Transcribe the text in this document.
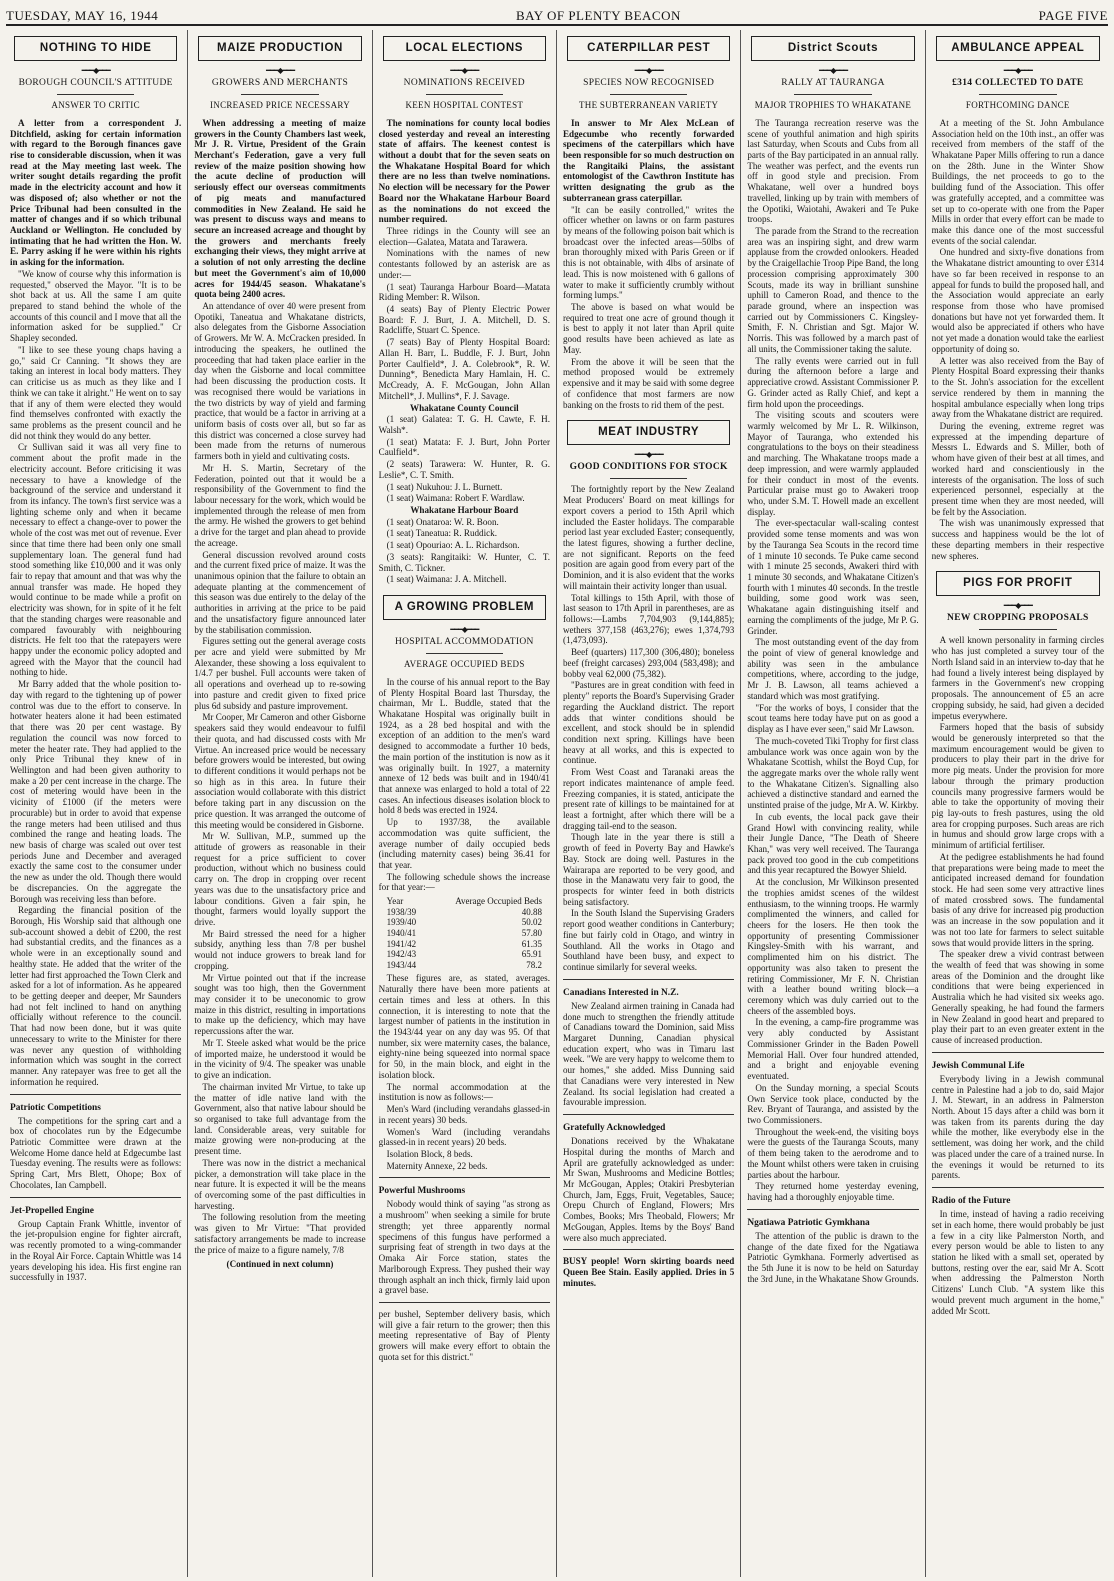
TUESDAY, MAY 16, 1944	BAY OF PLENTY BEACON	PAGE FIVE
NOTHING TO HIDE
━━━◆━━━
BOROUGH COUNCIL'S ATTITUDE
ANSWER TO CRITIC

A letter from a correspondent J. Ditchfield, asking for certain information with regard to the Borough finances gave rise to considerable discussion, when it was read at the May meeting last week. The writer sought details regarding the profit made in the electricity account and how it was disposed of; also whether or not the Price Tribunal had been consulted in the matter of changes and if so which tribunal Auckland or Wellington. He concluded by intimating that he had written the Hon. W. E. Parry asking if he were within his rights in asking for the information.

"We know of course why this information is requested," observed the Mayor. "It is to be shot back at us. All the same I am quite prepared to stand behind the whole of the accounts of this council and I move that all the information asked for be supplied." Cr Shapley seconded.

"I like to see these young chaps having a go," said Cr Canning. "It shows they are taking an interest in local body matters. They can criticise us as much as they like and I think we can take it alright." He went on to say that if any of them were elected they would find themselves confronted with exactly the same problems as the present council and he did not think they would do any better.

Cr Sullivan said it was all very fine to comment about the profit made in the electricity account. Before criticising it was necessary to have a knowledge of the background of the service and understand it from its infancy. The town's first service was a lighting scheme only and when it became necessary to effect a change-over to power the whole of the cost was met out of revenue. Ever since that time there had been only one small supplementary loan. The general fund had stood something like £10,000 and it was only fair to repay that amount and that was why the annual transfer was made. He hoped they would continue to be made while a profit on electricity was shown, for in spite of it he felt that the standing charges were reasonable and compared favourably with neighbouring districts. He felt too that the ratepayers were happy under the economic policy adopted and agreed with the Mayor that the council had nothing to hide.

Mr Barry added that the whole position to-day with regard to the tightening up of power control was due to the effort to conserve. In hotwater heaters alone it had been estimated that there was 20 per cent wastage. By regulation the council was now forced to meter the heater rate. They had applied to the only Price Tribunal they knew of in Wellington and had been given authority to make a 20 per cent increase in the charge. The cost of metering would have been in the vicinity of £1000 (if the meters were procurable) but in order to avoid that expense the range meters had been utilised and thus combined the range and heating loads. The new basis of charge was scaled out over test periods June and December and averaged exactly the same cost to the consumer under the new as under the old. Though there would be discrepancies. On the aggregate the Borough was receiving less than before.

Regarding the financial position of the Borough, His Worship said that although one sub-account showed a debit of £200, the rest had substantial credits, and the finances as a whole were in an exceptionally sound and healthy state. He added that the writer of the letter had first approached the Town Clerk and asked for a lot of information. As he appeared to be getting deeper and deeper, Mr Saunders had not felt inclined to hand on anything officially without reference to the council. That had now been done, but it was quite unnecessary to write to the Minister for there was never any question of withholding information which was sought in the correct manner. Any ratepayer was free to get all the information he required.

Patriotic Competitions

The competitions for the spring cart and a box of chocolates run by the Edgecumbe Patriotic Committee were drawn at the Welcome Home dance held at Edgecumbe last Tuesday evening. The results were as follows: Spring Cart, Mrs Blett, Ohope; Box of Chocolates, Ian Campbell.

Jet-Propelled Engine

Group Captain Frank Whittle, inventor of the jet-propulsion engine for fighter aircraft, was recently promoted to a wing-commander in the Royal Air Force. Captain Whittle was 14 years developing his idea. His first engine ran successfully in 1937.

MAIZE PRODUCTION
━━━◆━━━
GROWERS AND MERCHANTS
INCREASED PRICE NECESSARY

When addressing a meeting of maize growers in the County Chambers last week, Mr J. R. Virtue, President of the Grain Merchant's Federation, gave a very full review of the maize position showing how the acute decline of production will seriously effect our overseas commitments of pig meats and manufactured commodities in New Zealand. He said he was present to discuss ways and means to secure an increased acreage and thought by the growers and merchants freely exchanging their views, they might arrive at a solution of not only arresting the decline but meet the Government's aim of 10,000 acres for 1944/45 season. Whakatane's quota being 2400 acres.

An attendance of over 40 were present from Opotiki, Taneatua and Whakatane districts, also delegates from the Gisborne Association of Growers. Mr W. A. McCracken presided. In introducing the speakers, he outlined the proceeding that had taken place earlier in the day when the Gisborne and local committee had been discussing the production costs. It was recognised there would be variations in the two districts by way of yield and farming practice, that would be a factor in arriving at a uniform basis of costs over all, but so far as this district was concerned a close survey had been made from the returns of numerous farmers both in yield and cultivating costs.

Mr H. S. Martin, Secretary of the Federation, pointed out that it would be a responsibility of the Government to find the labour necessary for the work, which would be implemented through the release of men from the army. He wished the growers to get behind a drive for the target and plan ahead to provide the acreage.

General discussion revolved around costs and the current fixed price of maize. It was the unanimous opinion that the failure to obtain an adequate planting at the commencement of this season was due entirely to the delay of the authorities in arriving at the price to be paid and the unsatisfactory figure announced later by the stabilisation commission.

Figures setting out the general average costs per acre and yield were submitted by Mr Alexander, these showing a loss equivalent to 1/4.7 per bushel. Full accounts were taken of all operations and overhead up to re-sowing into pasture and credit given to fixed price plus 6d subsidy and pasture improvement.

Mr Cooper, Mr Cameron and other Gisborne speakers said they would endeavour to fulfil their quota, and had discussed costs with Mr Virtue. An increased price would be necessary before growers would be interested, but owing to different conditions it would perhaps not be so high as in this area. In future their association would collaborate with this district before taking part in any discussion on the price question. It was arranged the outcome of this meeting would be considered in Gisborne.

Mr W. Sullivan, M.P., summed up the attitude of growers as reasonable in their request for a price sufficient to cover production, without which no business could carry on. The drop in cropping over recent years was due to the unsatisfactory price and labour conditions. Given a fair spin, he thought, farmers would loyally support the drive.

Mr Baird stressed the need for a higher subsidy, anything less than 7/8 per bushel would not induce growers to break land for cropping.

Mr Virtue pointed out that if the increase sought was too high, then the Government may consider it to be uneconomic to grow maize in this district, resulting in importations to make up the deficiency, which may have repercussions after the war.

Mr T. Steele asked what would be the price of imported maize, he understood it would be in the vicinity of 9/4. The speaker was unable to give an indication.

The chairman invited Mr Virtue, to take up the matter of idle native land with the Government, also that native labour should be so organised to take full advantage from the land. Considerable areas, very suitable for maize growing were non-producing at the present time.

There was now in the district a mechanical picker, a demonstration will take place in the near future. It is expected it will be the means of overcoming some of the past difficulties in harvesting.

The following resolution from the meeting was given to Mr Virtue: "That provided satisfactory arrangements be made to increase the price of maize to a figure namely, 7/8

(Continued in next column)
LOCAL ELECTIONS
━━━◆━━━
NOMINATIONS RECEIVED
KEEN HOSPITAL CONTEST

The nominations for county local bodies closed yesterday and reveal an interesting state of affairs. The keenest contest is without a doubt that for the seven seats on the Whakatane Hospital Board for which there are no less than twelve nominations. No election will be necessary for the Power Board nor the Whakatane Harbour Board as the nominations do not exceed the number required.

Three ridings in the County will see an election—Galatea, Matata and Tarawera.

Nominations with the names of new contestants followed by an asterisk are as under:—

(1 seat) Tauranga Harbour Board—Matata Riding Member: R. Wilson.

(4 seats) Bay of Plenty Electric Power Board: F. J. Burt, J. A. Mitchell, D. S. Radcliffe, Stuart C. Spence.

(7 seats) Bay of Plenty Hospital Board: Allan H. Barr, L. Buddle, F. J. Burt, John Porter Caulfield*, J. A. Colebrook*, R. W. Dunning*, Benedicta Mary Hamlain, H. C. McCready, A. F. McGougan, John Allan Mitchell*, J. Mullins*, F. J. Savage.

Whakatane County Council

(1 seat) Galatea: T. G. H. Cawte, F. H. Walsh*.

(1 seat) Matata: F. J. Burt, John Porter Caulfield*.

(2 seats) Tarawera: W. Hunter, R. G. Leslie*, C. T. Smith.

(1 seat) Nukuhou: J. L. Burnett.

(1 seat) Waimana: Robert F. Wardlaw.

Whakatane Harbour Board

(1 seat) Onataroa: W. R. Boon.

(1 seat) Taneatua: R. Ruddick.

(1 seat) Opouriao: A. L. Richardson.

(3 seats): Rangitaiki: W. Hunter, C. T. Smith, C. Tickner.

(1 seat) Waimana: J. A. Mitchell.

A GROWING PROBLEM
━━━◆━━━
HOSPITAL ACCOMMODATION
AVERAGE OCCUPIED BEDS

In the course of his annual report to the Bay of Plenty Hospital Board last Thursday, the chairman, Mr L. Buddle, stated that the Whakatane Hospital was originally built in 1924, as a 28 bed hospital and with the exception of an addition to the men's ward designed to accommodate a further 10 beds, the main portion of the institution is now as it was originally built. In 1927, a maternity annexe of 12 beds was built and in 1940/41 that annexe was enlarged to hold a total of 22 cases. An infectious diseases isolation block to hold 8 beds was erected in 1924.

Up to 1937/38, the available accommodation was quite sufficient, the average number of daily occupied beds (including maternity cases) being 36.41 for that year.

The following schedule shows the increase for that year:—

Year	Average Occupied Beds
1938/39	40.88
1939/40	50.02
1940/41	57.80
1941/42	61.35
1942/43	65.91
1943/44	78.2

These figures are, as stated, averages. Naturally there have been more patients at certain times and less at others. In this connection, it is interesting to note that the largest number of patients in the institution in the 1943/44 year on any day was 95. Of that number, six were maternity cases, the balance, eighty-nine being squeezed into normal space for 50, in the main block, and eight in the isolation block.

The normal accommodation at the institution is now as follows:—

Men's Ward (including verandahs glassed-in in recent years) 30 beds.

Women's Ward (including verandahs glassed-in in recent years) 20 beds.

Isolation Block, 8 beds.

Maternity Annexe, 22 beds.

Powerful Mushrooms

Nobody would think of saying "as strong as a mushroom" when seeking a simile for brute strength; yet three apparently normal specimens of this fungus have performed a surprising feat of strength in two days at the Omaka Air Force station, states the Marlborough Express. They pushed their way through asphalt an inch thick, firmly laid upon a gravel base.

per bushel, September delivery basis, which will give a fair return to the grower; then this meeting representative of Bay of Plenty growers will make every effort to obtain the quota set for this district."

CATERPILLAR PEST
━━━◆━━━
SPECIES NOW RECOGNISED
THE SUBTERRANEAN VARIETY

In answer to Mr Alex McLean of Edgecumbe who recently forwarded specimens of the caterpillars which have been responsible for so much destruction on the Rangitaiki Plains, the assistant entomologist of the Cawthron Institute has written designating the grub as the subterranean grass caterpillar.

"It can be easily controlled," writes the officer whether on lawns or on farm pastures by means of the following poison bait which is broadcast over the infected areas—50lbs of bran thoroughly mixed with Paris Green or if this is not obtainable, with 4lbs of arsinate of lead. This is now moistened with 6 gallons of water to make it sufficiently crumbly without forming lumps."

The above is based on what would be required to treat one acre of ground though it is best to apply it not later than April quite good results have been achieved as late as May.

From the above it will be seen that the method proposed would be extremely expensive and it may be said with some degree of confidence that most farmers are now banking on the frosts to rid them of the pest.

MEAT INDUSTRY
━━━◆━━━
GOOD CONDITIONS FOR STOCK

The fortnightly report by the New Zealand Meat Producers' Board on meat killings for export covers a period to 15th April which included the Easter holidays. The comparable period last year excluded Easter; consequently, the latest figures, showing a further decline, are not significant. Reports on the feed position are again good from every part of the Dominion, and it is also evident that the works will maintain their activity longer than usual.

Total killings to 15th April, with those of last season to 17th April in parentheses, are as follows:—Lambs 7,704,903 (9,144,885); wethers 377,158 (463,276); ewes 1,374,793 (1,473,093).

Beef (quarters) 117,300 (306,480); boneless beef (freight carcases) 293,004 (583,498); and bobby veal 62,000 (75,382).

"Pastures are in great condition with feed in plenty" reports the Board's Supervising Grader regarding the Auckland district. The report adds that winter conditions should be excellent, and stock should be in splendid condition next spring. Killings have been heavy at all works, and this is expected to continue.

From West Coast and Taranaki areas the report indicates maintenance of ample feed. Freezing companies, it is stated, anticipate the present rate of killings to be maintained for at least a fortnight, after which there will be a dragging tail-end to the season.

Though late in the year there is still a growth of feed in Poverty Bay and Hawke's Bay. Stock are doing well. Pastures in the Wairarapa are reported to be very good, and those in the Manawatu very fair to good, the prospects for winter feed in both districts being satisfactory.

In the South Island the Supervising Graders report good weather conditions in Canterbury; fine but fairly cold in Otago, and wintry in Southland. All the works in Otago and Southland have been busy, and expect to continue similarly for several weeks.

Canadians Interested in N.Z.

New Zealand airmen training in Canada had done much to strengthen the friendly attitude of Canadians toward the Dominion, said Miss Margaret Dunning, Canadian physical education expert, who was in Timaru last week. "We are very happy to welcome them to our homes," she added. Miss Dunning said that Canadians were very interested in New Zealand. Its social legislation had created a favourable impression.

Gratefully Acknowledged

Donations received by the Whakatane Hospital during the months of March and April are gratefully acknowledged as under: Mr Swan, Mushrooms and Medicine Bottles; Mr McGougan, Apples; Otakiri Presbyterian Church, Jam, Eggs, Fruit, Vegetables, Sauce; Orepu Church of England, Flowers; Mrs Combes, Books; Mrs Theobald, Flowers; Mr McGougan, Apples. Items by the Boys' Band were also much appreciated.

BUSY people! Worn skirting boards need Queen Bee Stain. Easily applied. Dries in 5 minutes.

District Scouts
━━━◆━━━
RALLY AT TAURANGA
MAJOR TROPHIES TO WHAKATANE

The Tauranga recreation reserve was the scene of youthful animation and high spirits last Saturday, when Scouts and Cubs from all parts of the Bay participated in an annual rally. The weather was perfect, and the events run off in good style and precision. From Whakatane, well over a hundred boys travelled, linking up by train with members of the Opotiki, Waiotahi, Awakeri and Te Puke troops.

The parade from the Strand to the recreation area was an inspiring sight, and drew warm applause from the crowded onlookers. Headed by the Craigellachie Troop Pipe Band, the long procession comprising approximately 300 Scouts, made its way in brilliant sunshine uphill to Cameron Road, and thence to the parade ground, where an inspection was carried out by Commissioners C. Kingsley-Smith, F. N. Christian and Sgt. Major W. Norris. This was followed by a march past of all units, the Commissioner taking the salute.

The rally events were carried out in full during the afternoon before a large and appreciative crowd. Assistant Commissioner P. G. Grinder acted as Rally Chief, and kept a firm hold upon the proceedings.

The visiting scouts and scouters were warmly welcomed by Mr L. R. Wilkinson, Mayor of Tauranga, who extended his congratulations to the boys on their steadiness and marching. The Whakatane troops made a deep impression, and were warmly applauded for their conduct in most of the events. Particular praise must go to Awakeri troop who, under S.M. T. Howell made an excellent display.

The ever-spectacular wall-scaling contest provided some tense moments and was won by the Tauranga Sea Scouts in the record time of 1 minute 10 seconds. Te Puke came second with 1 minute 25 seconds, Awakeri third with 1 minute 30 seconds, and Whakatane Citizen's fourth with 1 minutes 40 seconds. In the trestle building, some good work was seen, Whakatane again distinguishing itself and earning the compliments of the judge, Mr P. G. Grinder.

The most outstanding event of the day from the point of view of general knowledge and ability was seen in the ambulance competitions, where, according to the judge, Mr J. B. Lawson, all teams achieved a standard which was most gratifying.

"For the works of boys, I consider that the scout teams here today have put on as good a display as I have ever seen," said Mr Lawson.

The much-coveted Tiki Trophy for first class ambulance work was once again won by the Whakatane Scottish, whilst the Boyd Cup, for the aggregate marks over the whole rally went to the Whakatane Citizen's. Signalling also achieved a distinctive standard and earned the unstinted praise of the judge, Mr A. W. Kirkby.

In cub events, the local pack gave their Grand Howl with convincing reality, while their Jungle Dance, "The Death of Sheere Khan," was very well received. The Tauranga pack proved too good in the cub competitions and this year recaptured the Bowyer Shield.

At the conclusion, Mr Wilkinson presented the trophies amidst scenes of the wildest enthusiasm, to the winning troops. He warmly complimented the winners, and called for cheers for the losers. He then took the opportunity of presenting Commissioner Kingsley-Smith with his warrant, and complimented him on his district. The opportunity was also taken to present the retiring Commissioner, Mr F. N. Christian with a leather bound writing block—a ceremony which was duly carried out to the cheers of the assembled boys.

In the evening, a camp-fire programme was very ably conducted by Assistant Commissioner Grinder in the Baden Powell Memorial Hall. Over four hundred attended, and a bright and enjoyable evening eventuated.

On the Sunday morning, a special Scouts Own Service took place, conducted by the Rev. Bryant of Tauranga, and assisted by the two Commissioners.

Throughout the week-end, the visiting boys were the guests of the Tauranga Scouts, many of them being taken to the aerodrome and to the Mount whilst others were taken in cruising parties about the harbour.

They returned home yesterday evening, having had a thoroughly enjoyable time.

Ngatiawa Patriotic Gymkhana

The attention of the public is drawn to the change of the date fixed for the Ngatiawa Patriotic Gymkhana. Formerly advertised as the 5th June it is now to be held on Saturday the 3rd June, in the Whakatane Show Grounds.

AMBULANCE APPEAL
━━━◆━━━
£314 COLLECTED TO DATE
FORTHCOMING DANCE

At a meeting of the St. John Ambulance Association held on the 10th inst., an offer was received from members of the staff of the Whakatane Paper Mills offering to run a dance on the 28th. June in the Winter Show Buildings, the net proceeds to go to the building fund of the Association. This offer was gratefully accepted, and a committee was set up to co-operate with one from the Paper Mills in order that every effort can be made to make this dance one of the most successful events of the social calendar.

One hundred and sixty-five donations from the Whakatane district amounting to over £314 have so far been received in response to an appeal for funds to build the proposed hall, and the Association would appreciate an early response from those who have promised donations but have not yet forwarded them. It would also be appreciated if others who have not yet made a donation would take the earliest opportunity of doing so.

A letter was also received from the Bay of Plenty Hospital Board expressing their thanks to the St. John's association for the excellent service rendered by them in manning the hospital ambulance especially when long trips away from the Whakatane district are required.

During the evening, extreme regret was expressed at the impending departure of Messrs L. Edwards and S. Miller, both of whom have given of their best at all times, and worked hard and conscientiously in the interests of the organisation. The loss of such experienced personnel, especially at the present time when they are most needed, will be felt by the Association.

The wish was unanimously expressed that success and happiness would be the lot of these departing members in their respective new spheres.

PIGS FOR PROFIT
━━━◆━━━
NEW CROPPING PROPOSALS

A well known personality in farming circles who has just completed a survey tour of the North Island said in an interview to-day that he had found a lively interest being displayed by farmers in the Government's new cropping proposals. The announcement of £5 an acre cropping subsidy, he said, had given a decided impetus everywhere.

Farmers hoped that the basis of subsidy would be generously interpreted so that the maximum encouragement would be given to producers to play their part in the drive for more pig meats. Under the provision for more labour through the primary production councils many progressive farmers would be able to take the opportunity of moving their pig lay-outs to fresh pastures, using the old area for cropping purposes. Such areas are rich in humus and should grow large crops with a minimum of artificial fertiliser.

At the pedigree establishments he had found that preparations were being made to meet the anticipated increased demand for foundation stock. He had seen some very attractive lines of mated crossbred sows. The fundamental basis of any drive for increased pig production was an increase in the sow population and it was not too late for farmers to select suitable sows that would provide litters in the spring.

The speaker drew a vivid contrast between the wealth of feed that was showing in some areas of the Dominion and the drought like conditions that were being experienced in Australia which he had visited six weeks ago. Generally speaking, he had found the farmers in New Zealand in good heart and prepared to play their part to an even greater extent in the cause of increased production.

Jewish Communal Life

Everybody living in a Jewish communal centre in Palestine had a job to do, said Major J. M. Stewart, in an address in Palmerston North. About 15 days after a child was born it was taken from its parents during the day while the mother, like everybody else in the settlement, was doing her work, and the child was placed under the care of a trained nurse. In the evenings it would be returned to its parents.

Radio of the Future

In time, instead of having a radio receiving set in each home, there would probably be just a few in a city like Palmerston North, and every person would be able to listen to any station he liked with a small set, operated by buttons, resting over the ear, said Mr A. Scott when addressing the Palmerston North Citizens' Lunch Club. "A system like this would prevent much argument in the home," added Mr Scott.
